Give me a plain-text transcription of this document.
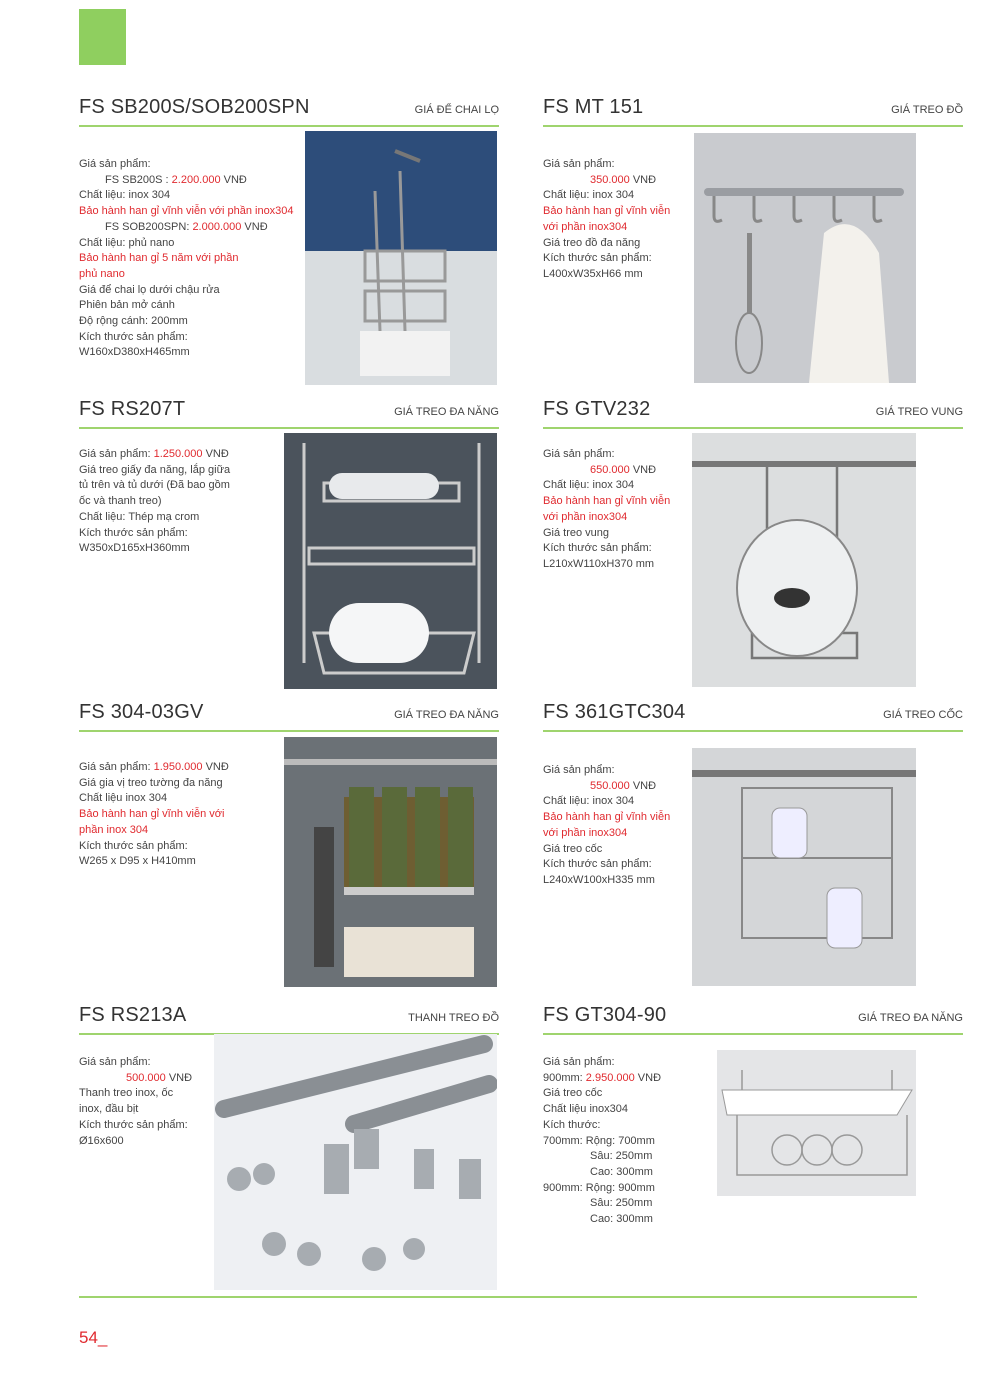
FS SB200S/SOB200SPN	GIÁ ĐỂ CHAI LỌ
Giá sản phẩm:
FS SB200S : 2.200.000 VNĐ
Chất liệu: inox 304
Bảo hành han gỉ vĩnh viễn với phần inox304
FS SOB200SPN: 2.000.000 VNĐ
Chất liệu: phủ nano
Bảo hành han gỉ 5 năm với phần
phủ nano
Giá để chai lọ dưới chậu rửa
Phiên bản mở cánh
Độ rộng cánh: 200mm
Kích thước sản phẩm:
W160xD380xH465mm
FS MT 151	GIÁ TREO ĐỒ
Giá sản phẩm:
350.000 VNĐ
Chất liệu: inox 304
Bảo hành han gỉ vĩnh viễn
với phần inox304
Giá treo đồ đa năng
Kích thước sản phẩm:
L400xW35xH66 mm
FS RS207T	GIÁ TREO ĐA NĂNG
Giá sản phẩm: 1.250.000 VNĐ
Giá treo giấy đa năng, lắp giữa
tủ trên và tủ dưới (Đã bao gồm
ốc và thanh treo)
Chất liệu: Thép mạ crom
Kích thước sản phẩm:
W350xD165xH360mm
FS GTV232	GIÁ TREO VUNG
Giá sản phẩm:
650.000 VNĐ
Chất liệu: inox 304
Bảo hành han gỉ vĩnh viễn
với phần inox304
Giá treo vung
Kích thước sản phẩm:
L210xW110xH370 mm
FS 304-03GV	GIÁ TREO ĐA NĂNG
Giá sản phẩm: 1.950.000 VNĐ
Giá gia vị treo tường đa năng
Chất liệu inox 304
Bảo hành han gỉ vĩnh viễn với
phần inox 304
Kích thước sản phẩm:
W265 x D95 x H410mm
FS 361GTC304	GIÁ TREO CỐC
Giá sản phẩm:
550.000 VNĐ
Chất liệu: inox 304
Bảo hành han gỉ vĩnh viễn
với phần inox304
Giá treo cốc
Kích thước sản phẩm:
L240xW100xH335 mm
FS RS213A	THANH TREO ĐỒ
Giá sản phẩm:
500.000 VNĐ
Thanh treo inox, ốc
inox, đầu bịt
Kích thước sản phẩm:
Ø16x600
FS GT304-90	GIÁ TREO ĐA NĂNG
Giá sản phẩm:
900mm: 2.950.000 VNĐ
Giá treo cốc
Chất liệu inox304
Kích thước:
700mm: Rộng: 700mm
Sâu: 250mm
Cao: 300mm
900mm: Rộng: 900mm
Sâu: 250mm
Cao: 300mm
54_
